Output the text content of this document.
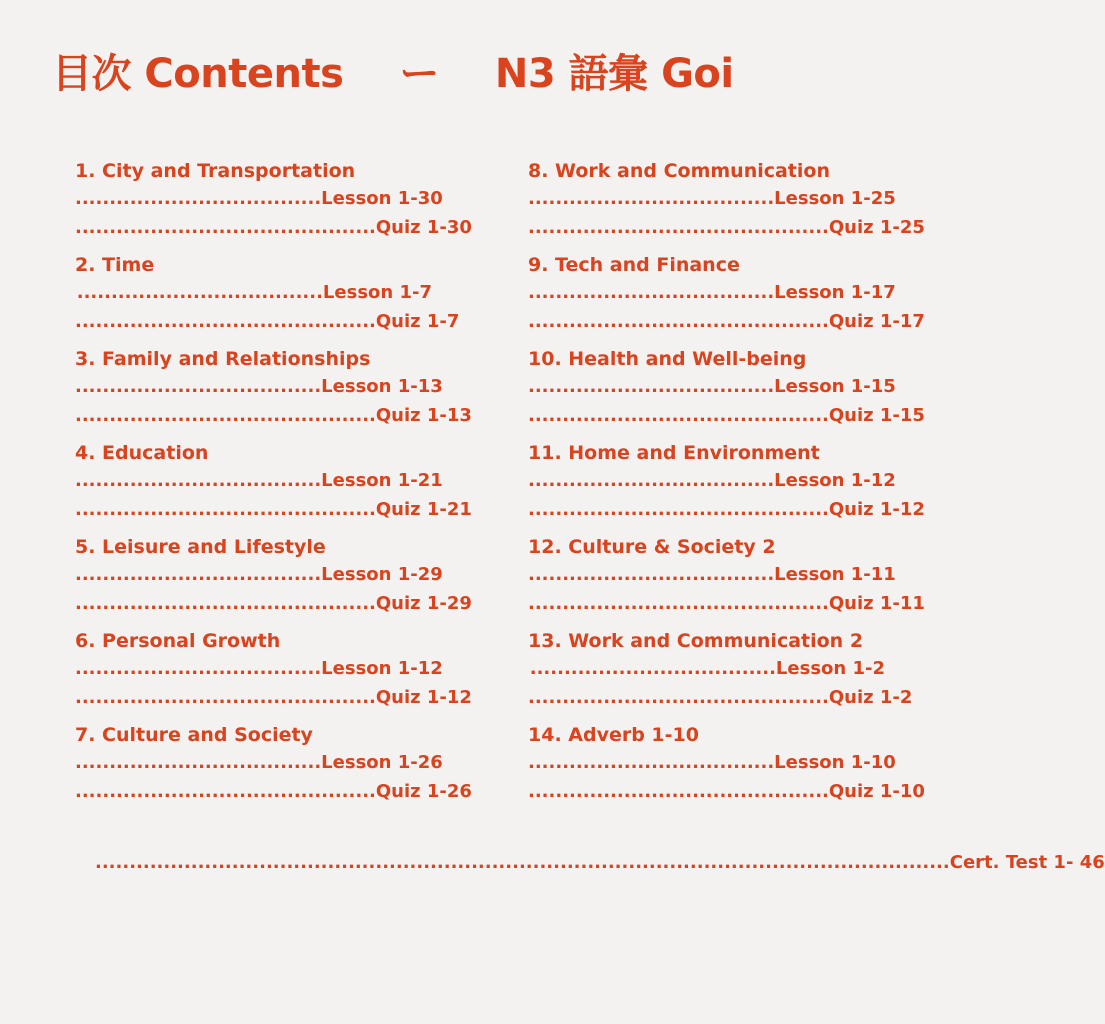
目次 Contents ー N3 語彙 Goi
1. City and Transportation
....................................Lesson 1-30
............................................Quiz 1-30
2. Time
....................................Lesson 1-7
............................................Quiz 1-7
3. Family and Relationships
....................................Lesson 1-13
............................................Quiz 1-13
4. Education
....................................Lesson 1-21
............................................Quiz 1-21
5. Leisure and Lifestyle
....................................Lesson 1-29
............................................Quiz 1-29
6. Personal Growth
....................................Lesson 1-12
............................................Quiz 1-12
7. Culture and Society
....................................Lesson 1-26
............................................Quiz 1-26
8. Work and Communication
....................................Lesson 1-25
............................................Quiz 1-25
9. Tech and Finance
....................................Lesson 1-17
............................................Quiz 1-17
10. Health and Well-being
....................................Lesson 1-15
............................................Quiz 1-15
11. Home and Environment
....................................Lesson 1-12
............................................Quiz 1-12
12. Culture & Society 2
....................................Lesson 1-11
............................................Quiz 1-11
13. Work and Communication 2
....................................Lesson 1-2
............................................Quiz 1-2
14. Adverb 1-10
....................................Lesson 1-10
............................................Quiz 1-10
.............................................................................................................................Cert. Test 1- 46
